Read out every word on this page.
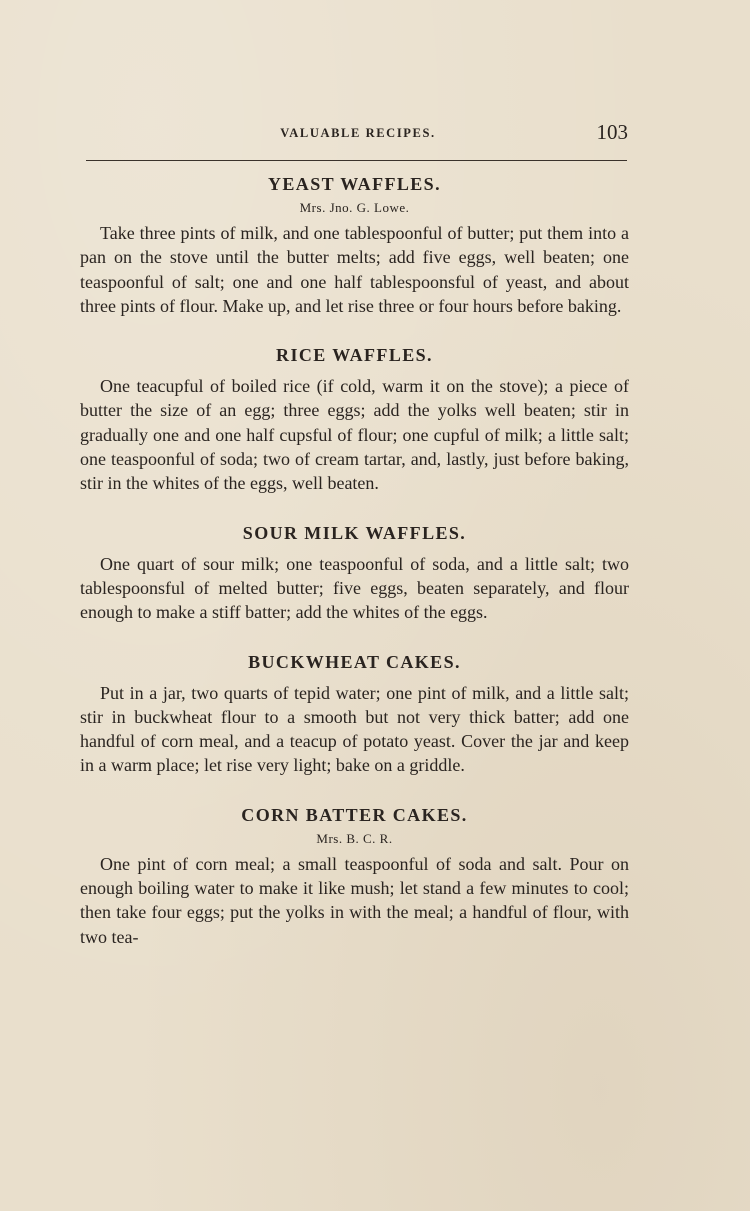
VALUABLE RECIPES.	103
YEAST WAFFLES.

Mrs. Jno. G. Lowe.

Take three pints of milk, and one tablespoonful of butter; put them into a pan on the stove until the butter melts; add five eggs, well beaten; one teaspoonful of salt; one and one half tablespoonsful of yeast, and about three pints of flour. Make up, and let rise three or four hours before baking.

RICE WAFFLES.

One teacupful of boiled rice (if cold, warm it on the stove); a piece of butter the size of an egg; three eggs; add the yolks well beaten; stir in gradually one and one half cupsful of flour; one cupful of milk; a little salt; one teaspoonful of soda; two of cream tartar, and, lastly, just before baking, stir in the whites of the eggs, well beaten.

SOUR MILK WAFFLES.

One quart of sour milk; one teaspoonful of soda, and a little salt; two tablespoonsful of melted butter; five eggs, beaten separately, and flour enough to make a stiff batter; add the whites of the eggs.

BUCKWHEAT CAKES.

Put in a jar, two quarts of tepid water; one pint of milk, and a little salt; stir in buckwheat flour to a smooth but not very thick batter; add one handful of corn meal, and a teacup of potato yeast. Cover the jar and keep in a warm place; let rise very light; bake on a griddle.

CORN BATTER CAKES.

Mrs. B. C. R.

One pint of corn meal; a small teaspoonful of soda and salt. Pour on enough boiling water to make it like mush; let stand a few minutes to cool; then take four eggs; put the yolks in with the meal; a handful of flour, with two tea-
